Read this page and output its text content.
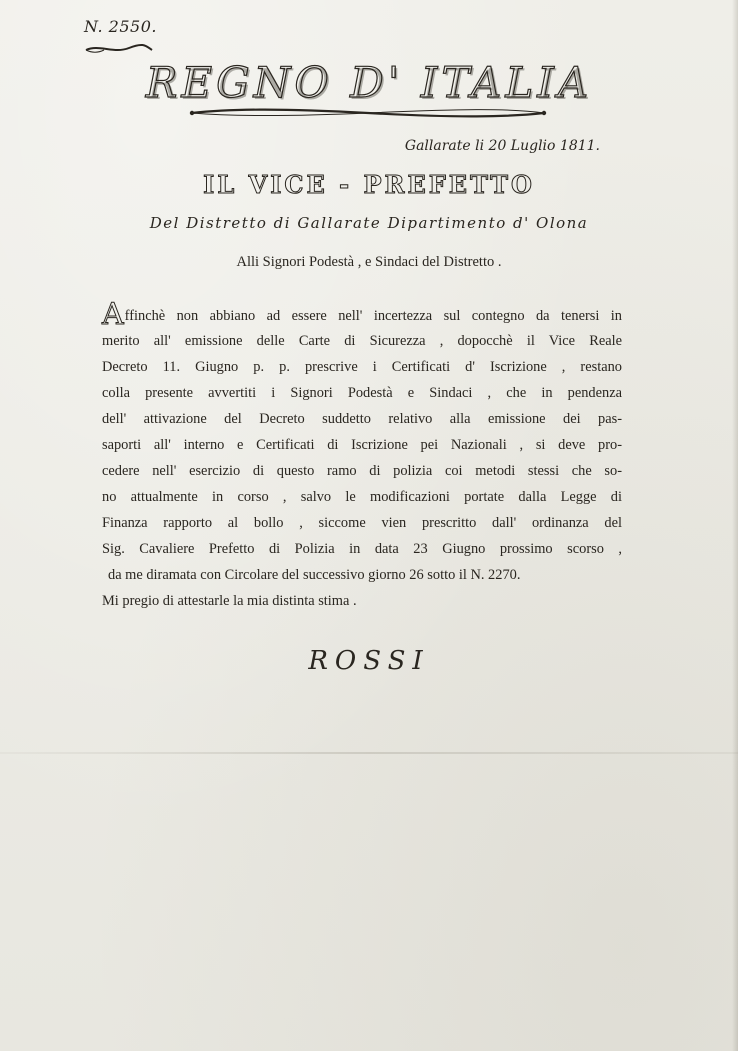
N. 2550.
REGNO D' ITALIA
Gallarate li 20 Luglio 1811.
IL VICE - PREFETTO
Del Distretto di Gallarate Dipartimento d' Olona
Alli Signori Podestà , e Sindaci del Distretto .
Affinchè non abbiano ad essere nell' incertezza sul contegno da tenersi in
merito all' emissione delle Carte di Sicurezza , dopocchè il Vice Reale
Decreto 11. Giugno p. p. prescrive i Certificati d' Iscrizione , restano
colla presente avvertiti i Signori Podestà e Sindaci , che in pendenza
dell' attivazione del Decreto suddetto relativo alla emissione dei pas-
saporti all' interno e Certificati di Iscrizione pei Nazionali , si deve pro-
cedere nell' esercizio di questo ramo di polizia coi metodi stessi che so-
no attualmente in corso , salvo le modificazioni portate dalla Legge di
Finanza rapporto al bollo , siccome vien prescritto dall' ordinanza del
Sig. Cavaliere Prefetto di Polizia in data 23 Giugno prossimo scorso ,
da me diramata con Circolare del successivo giorno 26 sotto il N. 2270.
Mi pregio di attestarle la mia distinta stima .
ROSSI
